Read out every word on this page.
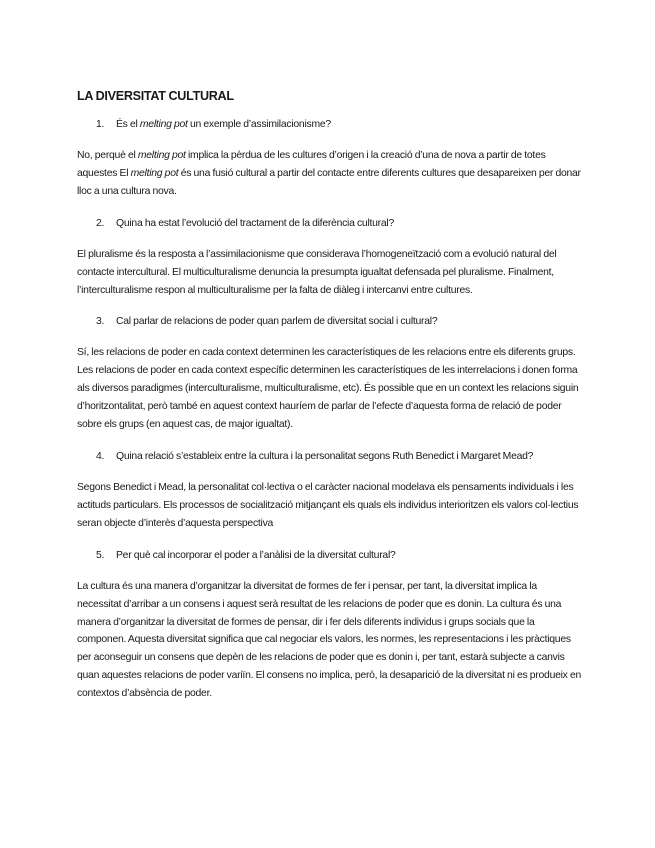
LA DIVERSITAT CULTURAL
1.	És el melting pot un exemple d’assimilacionisme?

No, perquè el melting pot implica la pèrdua de les cultures d’origen i la creació d’una de nova a partir de totes aquestes El melting pot és una fusió cultural a partir del contacte entre diferents cultures que desapareixen per donar lloc a una cultura nova.

2.	Quina ha estat l’evolució del tractament de la diferència cultural?

El pluralisme és la resposta a l’assimilacionisme que considerava l’homogeneïtzació com a evolució natural del contacte intercultural. El multiculturalisme denuncia la presumpta igualtat defensada pel pluralisme. Finalment, l’interculturalisme respon al multiculturalisme per la falta de diàleg i intercanvi entre cultures.

3.	Cal parlar de relacions de poder quan parlem de diversitat social i cultural?

Sí, les relacions de poder en cada context determinen les característiques de les relacions entre els diferents grups. Les relacions de poder en cada context específic determinen les característiques de les interrelacions i donen forma als diversos paradigmes (interculturalisme, multiculturalisme, etc). És possible que en un context les relacions siguin d’horitzontalitat, però també en aquest context hauríem de parlar de l’efecte d’aquesta forma de relació de poder sobre els grups (en aquest cas, de major igualtat).

4.	Quina relació s’estableix entre la cultura i la personalitat segons Ruth Benedict i Margaret Mead?

Segons Benedict i Mead, la personalitat col·lectiva o el caràcter nacional modelava els pensaments individuals i les actituds particulars. Els processos de socialització mitjançant els quals els individus interioritzen els valors col·lectius seran objecte d’interès d’aquesta perspectiva

5.	Per què cal incorporar el poder a l’anàlisi de la diversitat cultural?

La cultura és una manera d’organitzar la diversitat de formes de fer i pensar, per tant, la diversitat implica la necessitat d’arribar a un consens i aquest serà resultat de les relacions de poder que es donin. La cultura és una manera d’organitzar la diversitat de formes de pensar, dir i fer dels diferents individus i grups socials que la componen. Aquesta diversitat significa que cal negociar els valors, les normes, les representacions i les pràctiques per aconseguir un consens que depèn de les relacions de poder que es donin i, per tant, estarà subjecte a canvis quan aquestes relacions de poder variïn. El consens no implica, però, la desaparició de la diversitat ni es produeix en contextos d’absència de poder.
